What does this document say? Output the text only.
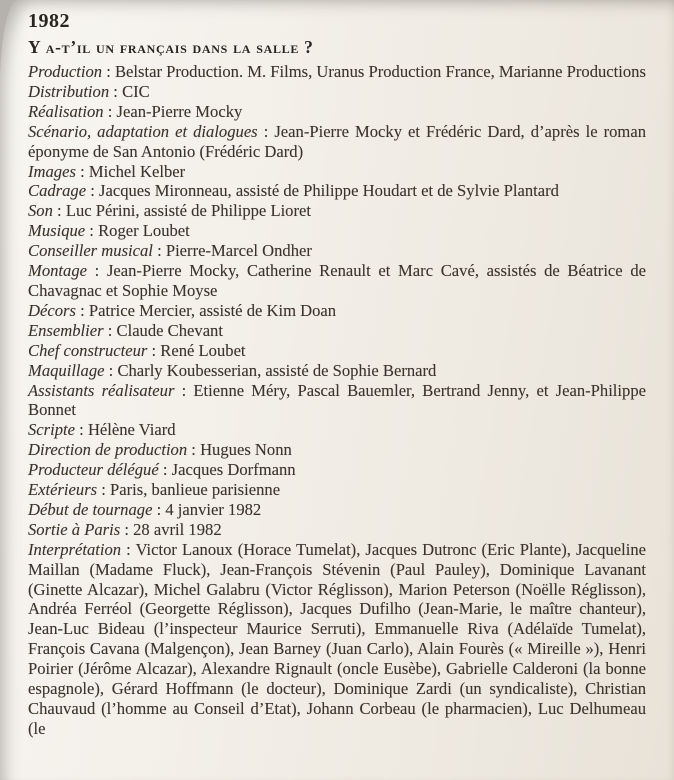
1982
Y a-t’il un français dans la salle ?

Production : Belstar Production. M. Films, Uranus Production France, Marianne Productions

Distribution : CIC

Réalisation : Jean-Pierre Mocky

Scénario, adaptation et dialogues : Jean-Pierre Mocky et Frédéric Dard, d’après le roman éponyme de San Antonio (Frédéric Dard)

Images : Michel Kelber

Cadrage : Jacques Mironneau, assisté de Philippe Houdart et de Sylvie Plantard

Son : Luc Périni, assisté de Philippe Lioret

Musique : Roger Loubet

Conseiller musical : Pierre-Marcel Ondher

Montage : Jean-Pierre Mocky, Catherine Renault et Marc Cavé, assistés de Béatrice de Chavagnac et Sophie Moyse

Décors : Patrice Mercier, assisté de Kim Doan

Ensemblier : Claude Chevant

Chef constructeur : René Loubet

Maquillage : Charly Koubesserian, assisté de Sophie Bernard

Assistants réalisateur : Etienne Méry, Pascal Bauemler, Bertrand Jenny, et Jean-Philippe Bonnet

Scripte : Hélène Viard

Direction de production : Hugues Nonn

Producteur délégué : Jacques Dorfmann

Extérieurs : Paris, banlieue parisienne

Début de tournage : 4 janvier 1982

Sortie à Paris : 28 avril 1982

Interprétation : Victor Lanoux (Horace Tumelat), Jacques Dutronc (Eric Plante), Jacqueline Maillan (Madame Fluck), Jean-François Stévenin (Paul Pauley), Dominique Lavanant (Ginette Alcazar), Michel Galabru (Victor Réglisson), Marion Peterson (Noëlle Réglisson), Andréa Ferréol (Georgette Réglisson), Jacques Dufilho (Jean-Marie, le maître chanteur), Jean-Luc Bideau (l’inspecteur Maurice Serruti), Emmanuelle Riva (Adélaïde Tumelat), François Cavana (Malgençon), Jean Barney (Juan Carlo), Alain Fourès (« Mireille »), Henri Poirier (Jérôme Alcazar), Alexandre Rignault (oncle Eusèbe), Gabrielle Calderoni (la bonne espagnole), Gérard Hoffmann (le docteur), Dominique Zardi (un syndicaliste), Christian Chauvaud (l’homme au Conseil d’Etat), Johann Corbeau (le pharmacien), Luc Delhumeau (le
